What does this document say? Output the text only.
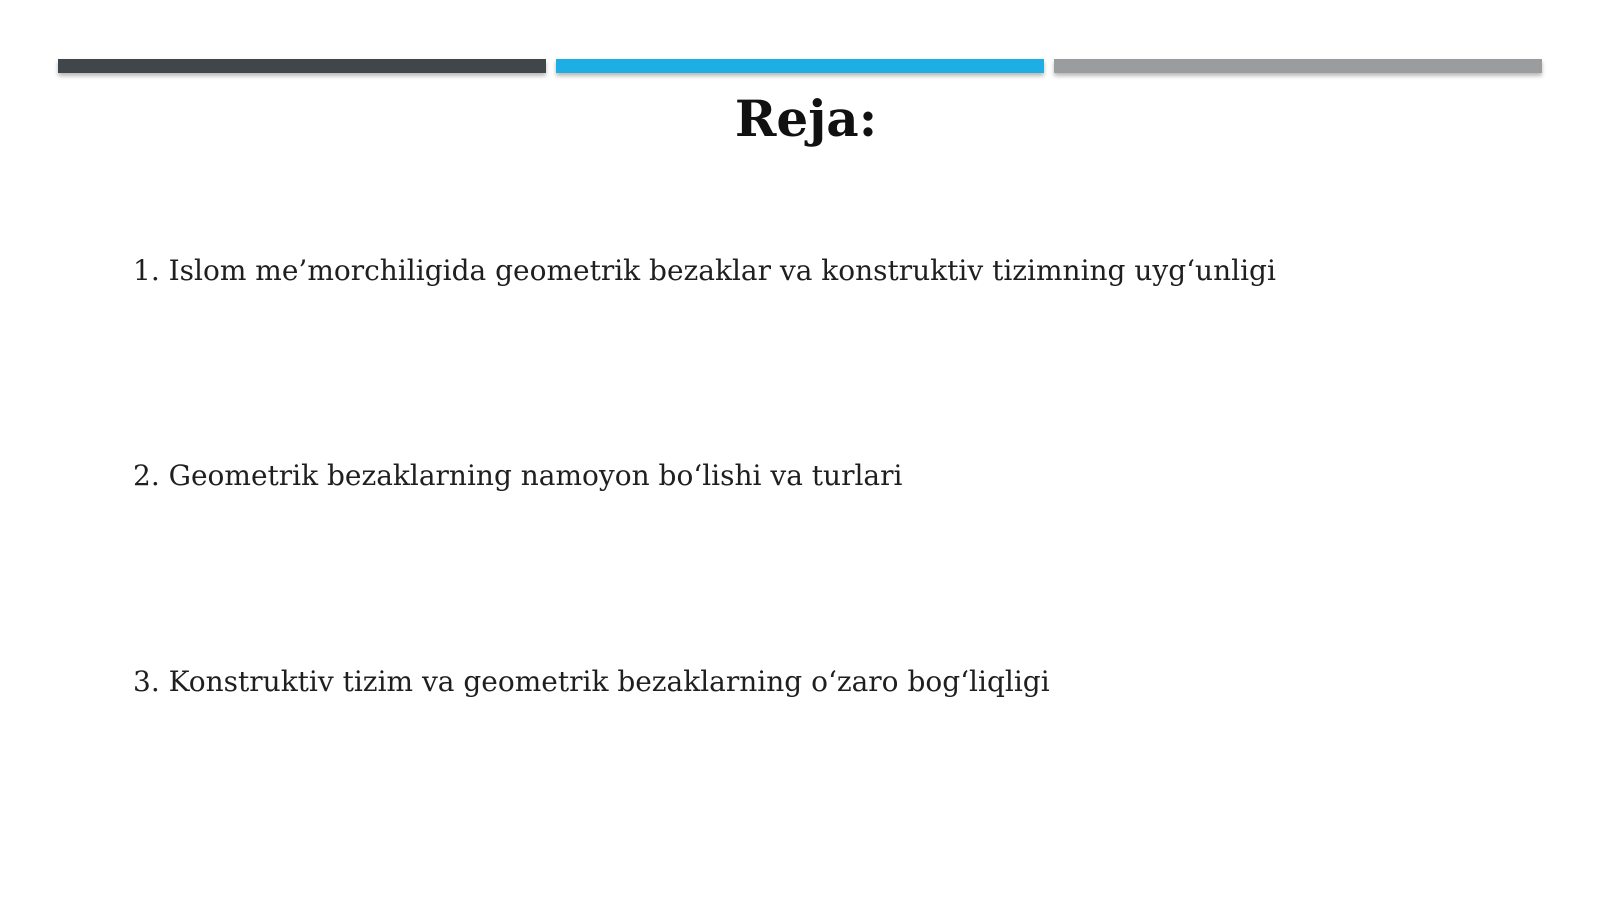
Reja:
1. Islom me’morchiligida geometrik bezaklar va konstruktiv tizimning uyg‘unligi
2. Geometrik bezaklarning namoyon bo‘lishi va turlari
3. Konstruktiv tizim va geometrik bezaklarning o‘zaro bog‘liqligi
